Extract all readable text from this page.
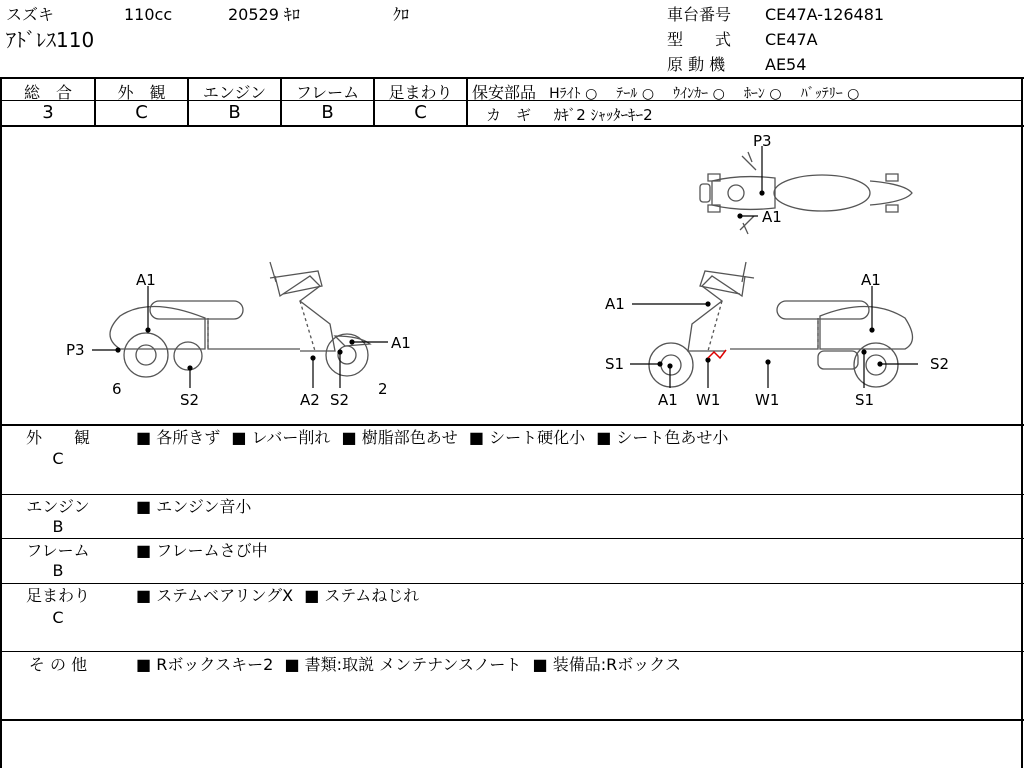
スズキ	110cc	20529 ｷﾛ	ｸﾛ
ｱﾄﾞﾚｽ110
車台番号 CE47A-126481
型　　式 CE47A
原 動 機 AE54
総　合
3
外　観
C
エンジン
B
フレーム
B
足まわり
C
保安部品 Hﾗｲﾄ ○ ﾃｰﾙ ○ ｳｲﾝｶｰ ○ ﾎｰﾝ ○ ﾊﾞｯﾃﾘｰ ○
カ　ギ ｶｷﾞ2 ｼｬｯﾀｰｷｰ2
A1
P3
6
S2	A2 S2
A1
2
A1
S1
A1 W1 W1
A1
S2
S1
P3
A1
外　　観
C
■ 各所きず ■ レバー削れ ■ 樹脂部色あせ ■ シート硬化小 ■ シート色あせ小
エンジン
B
■ エンジン音小
フレーム
B
■ フレームさび中
足まわり
C
■ ステムベアリングX ■ ステムねじれ
そ の 他	■ Rボックスキー2 ■ 書類:取説 メンテナンスノート ■ 装備品:Rボックス
